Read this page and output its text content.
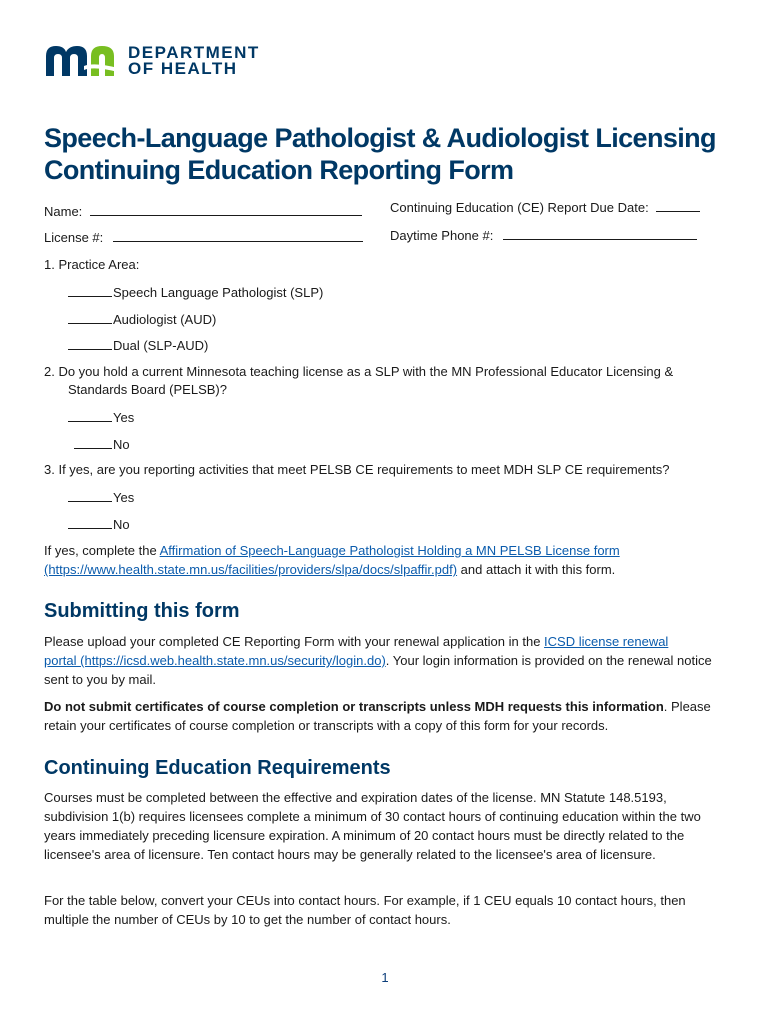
DEPARTMENT
OF HEALTH
Speech-Language Pathologist & Audiologist Licensing
Continuing Education Reporting Form
Name:	Continuing Education (CE) Report Due Date:
License #:	Daytime Phone #:
1. Practice Area:
Speech Language Pathologist (SLP)
Audiologist (AUD)
Dual (SLP-AUD)
2. Do you hold a current Minnesota teaching license as a SLP with the MN Professional Educator Licensing &
Standards Board (PELSB)?
Yes
No
3. If yes, are you reporting activities that meet PELSB CE requirements to meet MDH SLP CE requirements?
Yes
No

If yes, complete the Affirmation of Speech-Language Pathologist Holding a MN PELSB License form
(https://www.health.state.mn.us/facilities/providers/slpa/docs/slpaffir.pdf) and attach it with this form.

Submitting this form

Please upload your completed CE Reporting Form with your renewal application in the ICSD license renewal
portal (https://icsd.web.health.state.mn.us/security/login.do). Your login information is provided on the renewal notice sent to you by mail.

Do not submit certificates of course completion or transcripts unless MDH requests this information. Please retain your certificates of course completion or transcripts with a copy of this form for your records.

Continuing Education Requirements

Courses must be completed between the effective and expiration dates of the license. MN Statute 148.5193, subdivision 1(b) requires licensees complete a minimum of 30 contact hours of continuing education within the two years immediately preceding licensure expiration. A minimum of 20 contact hours must be directly related to the licensee's area of licensure. Ten contact hours may be generally related to the licensee's area of licensure.

For the table below, convert your CEUs into contact hours. For example, if 1 CEU equals 10 contact hours, then multiple the number of CEUs by 10 to get the number of contact hours.

1
